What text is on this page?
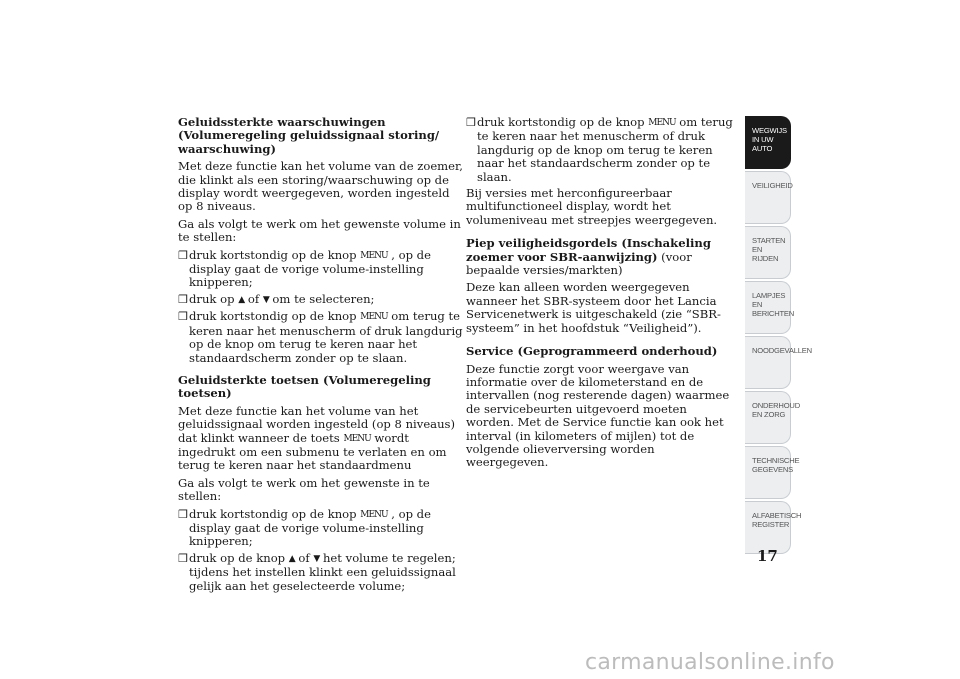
Geluidssterkte waarschuwingen (Volumeregeling geluidssignaal storing/ waarschuwing)
Met deze functie kan het volume van de zoemer, die klinkt als een storing/waarschuwing op de display wordt weergegeven, worden ingesteld op 8 niveaus.
Ga als volgt te werk om het gewenste volume in te stellen:
❒ druk kortstondig op de knop MENU , op de display gaat de vorige volume-instelling knipperen;
❒ druk op ▲ of ▼ om te selecteren;
❒ druk kortstondig op de knop MENU om terug te keren naar het menuscherm of druk langdurig op de knop om terug te keren naar het standaardscherm zonder op te slaan.
Geluidsterkte toetsen (Volumeregeling toetsen)
Met deze functie kan het volume van het geluidssignaal worden ingesteld (op 8 niveaus) dat klinkt wanneer de toets MENU wordt ingedrukt om een submenu te verlaten en om terug te keren naar het standaardmenu
Ga als volgt te werk om het gewenste in te stellen:
❒ druk kortstondig op de knop MENU , op de display gaat de vorige volume-instelling knipperen;
❒ druk op de knop ▲ of ▼ het volume te regelen; tijdens het instellen klinkt een geluidssignaal gelijk aan het geselecteerde volume;
❒ druk kortstondig op de knop MENU om terug te keren naar het menuscherm of druk langdurig op de knop om terug te keren naar het standaardscherm zonder op te slaan.
Bij versies met herconfigureerbaar multifunctioneel display, wordt het volumeniveau met streepjes weergegeven.
Piep veiligheidsgordels (Inschakeling zoemer voor SBR-aanwijzing) (voor bepaalde versies/markten)
Deze kan alleen worden weergegeven wanneer het SBR-systeem door het Lancia Servicenetwerk is uitgeschakeld (zie “SBR-systeem” in het hoofdstuk “Veiligheid”).
Service (Geprogrammeerd onderhoud)
Deze functie zorgt voor weergave van informatie over de kilometerstand en de intervallen (nog resterende dagen) waarmee de servicebeurten uitgevoerd moeten worden. Met de Service functie kan ook het interval (in kilometers of mijlen) tot de volgende olieverversing worden weergegeven.
WEGWIJS IN UW AUTO
VEILIGHEID
STARTEN EN RIJDEN
LAMPJES EN BERICHTEN
NOODGEVALLEN
ONDERHOUD EN ZORG
TECHNISCHE GEGEVENS
ALFABETISCH REGISTER
17
carmanualsonline.info
